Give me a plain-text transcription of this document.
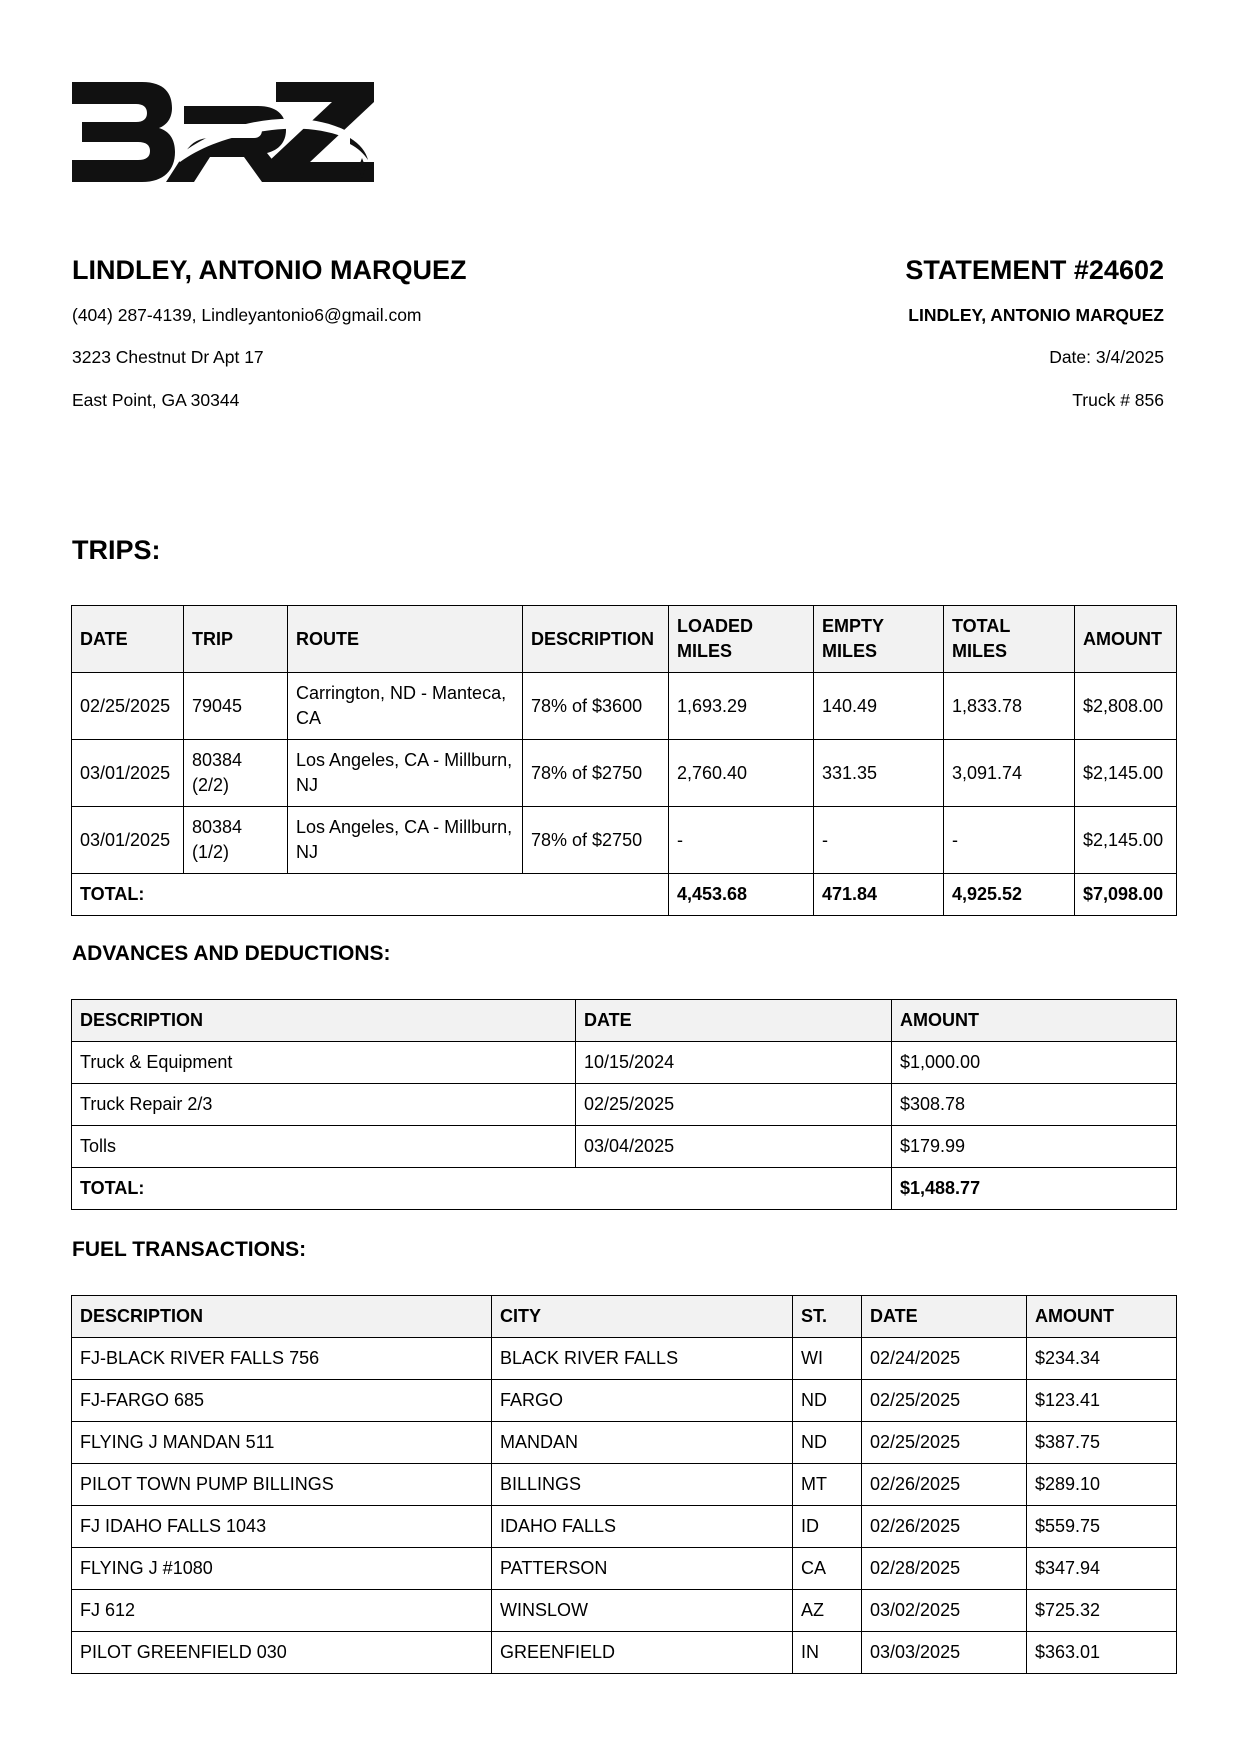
LINDLEY, ANTONIO MARQUEZ
(404) 287-4139, Lindleyantonio6@gmail.com
3223 Chestnut Dr Apt 17
East Point, GA 30344
STATEMENT #24602
LINDLEY, ANTONIO MARQUEZ
Date: 3/4/2025
Truck # 856
TRIPS:
DATE	TRIP	ROUTE	DESCRIPTION	LOADED MILES	EMPTY MILES	TOTAL MILES	AMOUNT
02/25/2025	79045	Carrington, ND - Manteca, CA	78% of $3600	1,693.29	140.49	1,833.78	$2,808.00
03/01/2025	80384 (2/2)	Los Angeles, CA - Millburn, NJ	78% of $2750	2,760.40	331.35	3,091.74	$2,145.00
03/01/2025	80384 (1/2)	Los Angeles, CA - Millburn, NJ	78% of $2750	-	-	-	$2,145.00
TOTAL:				4,453.68	471.84	4,925.52	$7,098.00
ADVANCES AND DEDUCTIONS:
DESCRIPTION	DATE	AMOUNT
Truck & Equipment	10/15/2024	$1,000.00
Truck Repair 2/3	02/25/2025	$308.78
Tolls	03/04/2025	$179.99
TOTAL:		$1,488.77
FUEL TRANSACTIONS:
DESCRIPTION	CITY	ST.	DATE	AMOUNT
FJ-BLACK RIVER FALLS 756	BLACK RIVER FALLS	WI	02/24/2025	$234.34
FJ-FARGO 685	FARGO	ND	02/25/2025	$123.41
FLYING J MANDAN 511	MANDAN	ND	02/25/2025	$387.75
PILOT TOWN PUMP BILLINGS	BILLINGS	MT	02/26/2025	$289.10
FJ IDAHO FALLS 1043	IDAHO FALLS	ID	02/26/2025	$559.75
FLYING J #1080	PATTERSON	CA	02/28/2025	$347.94
FJ 612	WINSLOW	AZ	03/02/2025	$725.32
PILOT GREENFIELD 030	GREENFIELD	IN	03/03/2025	$363.01
